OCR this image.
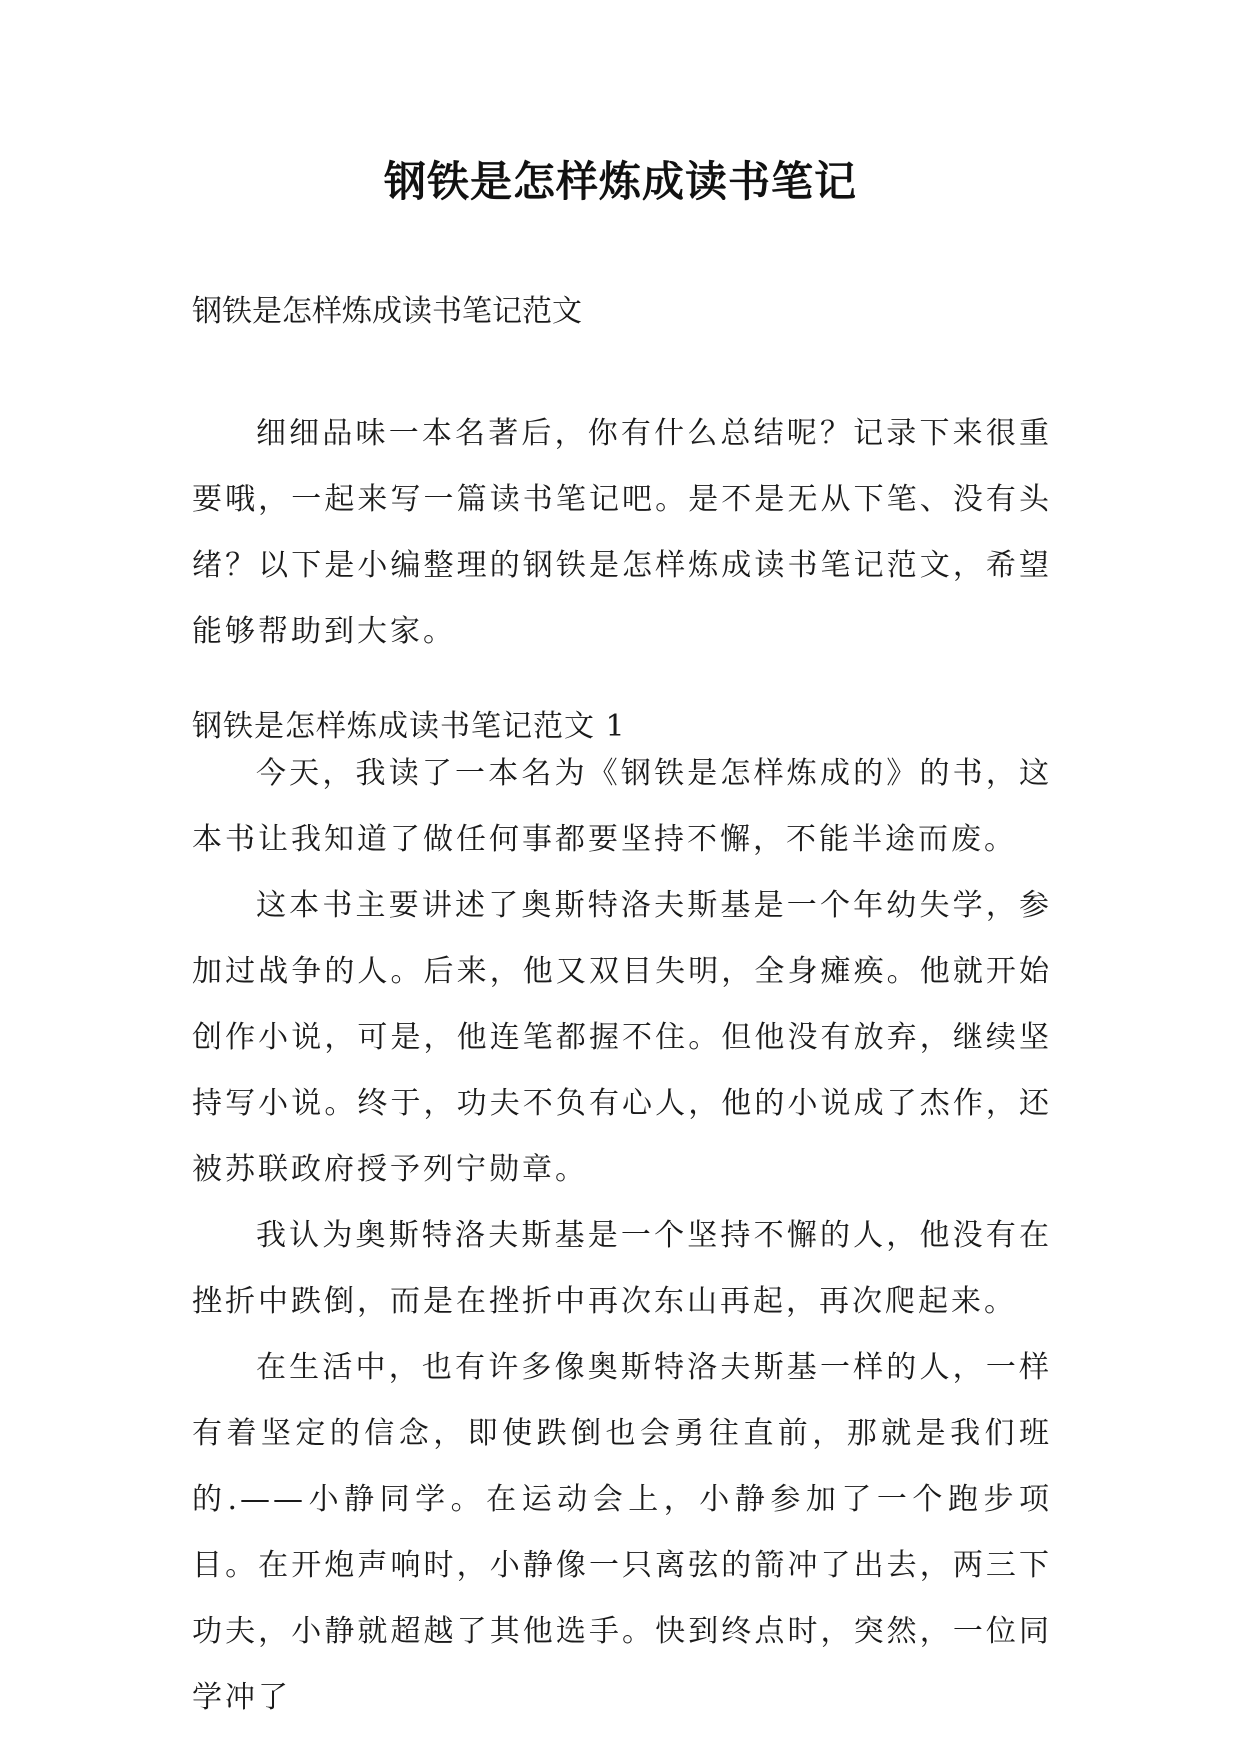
钢铁是怎样炼成读书笔记
钢铁是怎样炼成读书笔记范文

细细品味一本名著后，你有什么总结呢？记录下来很重要哦，一起来写一篇读书笔记吧。是不是无从下笔、没有头绪？以下是小编整理的钢铁是怎样炼成读书笔记范文，希望能够帮助到大家。

钢铁是怎样炼成读书笔记范文 1

今天，我读了一本名为《钢铁是怎样炼成的》的书，这本书让我知道了做任何事都要坚持不懈，不能半途而废。

这本书主要讲述了奥斯特洛夫斯基是一个年幼失学，参加过战争的人。后来，他又双目失明，全身瘫痪。他就开始创作小说，可是，他连笔都握不住。但他没有放弃，继续坚持写小说。终于，功夫不负有心人，他的小说成了杰作，还被苏联政府授予列宁勋章。

我认为奥斯特洛夫斯基是一个坚持不懈的人，他没有在挫折中跌倒，而是在挫折中再次东山再起，再次爬起来。

在生活中，也有许多像奥斯特洛夫斯基一样的人，一样有着坚定的信念，即使跌倒也会勇往直前，那就是我们班的.——小静同学。在运动会上，小静参加了一个跑步项目。在开炮声响时，小静像一只离弦的箭冲了出去，两三下功夫，小静就超越了其他选手。快到终点时，突然，一位同学冲了
